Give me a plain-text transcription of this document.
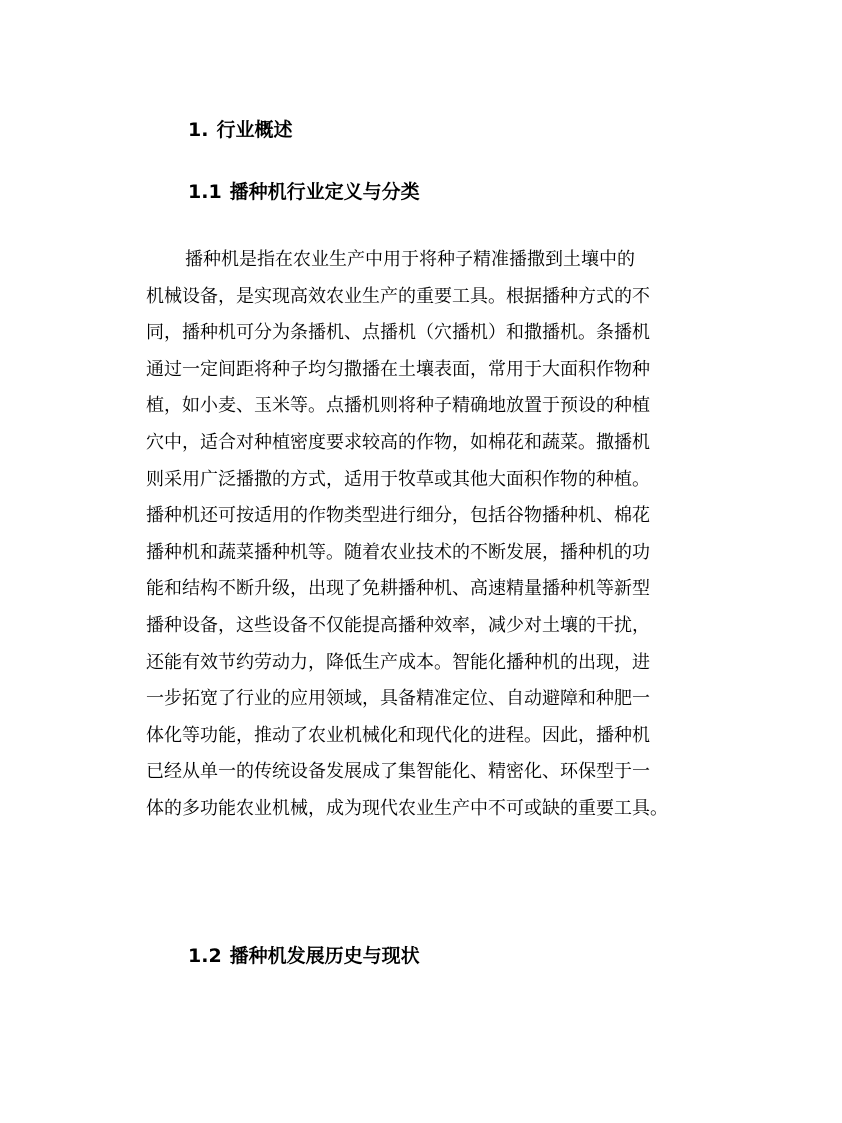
1. 行业概述
1.1 播种机行业定义与分类

播种机是指在农业生产中用于将种子精准播撒到土壤中的
机械设备，是实现高效农业生产的重要工具。根据播种方式的不
同，播种机可分为条播机、点播机（穴播机）和撒播机。条播机
通过一定间距将种子均匀撒播在土壤表面，常用于大面积作物种
植，如小麦、玉米等。点播机则将种子精确地放置于预设的种植
穴中，适合对种植密度要求较高的作物，如棉花和蔬菜。撒播机
则采用广泛播撒的方式，适用于牧草或其他大面积作物的种植。
播种机还可按适用的作物类型进行细分，包括谷物播种机、棉花
播种机和蔬菜播种机等。随着农业技术的不断发展，播种机的功
能和结构不断升级，出现了免耕播种机、高速精量播种机等新型
播种设备，这些设备不仅能提高播种效率，减少对土壤的干扰，
还能有效节约劳动力，降低生产成本。智能化播种机的出现，进
一步拓宽了行业的应用领域，具备精准定位、自动避障和种肥一
体化等功能，推动了农业机械化和现代化的进程。因此，播种机
已经从单一的传统设备发展成了集智能化、精密化、环保型于一
体的多功能农业机械，成为现代农业生产中不可或缺的重要工具。

1.2 播种机发展历史与现状
